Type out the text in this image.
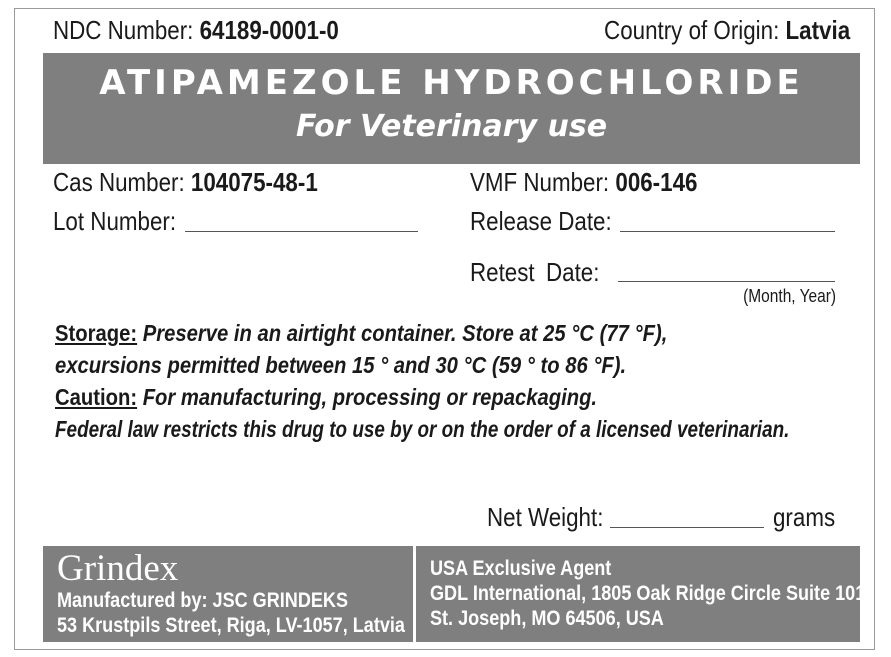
NDC Number: 64189-0001-0	Country of Origin: Latvia
ATIPAMEZOLE HYDROCHLORIDE
For Veterinary use
Cas Number: 104075-48-1	VMF Number: 006-146
Lot Number:	Release Date:
Retest Date:
(Month, Year)
Storage: Preserve in an airtight container. Store at 25 °C (77 °F),
excursions permitted between 15 ° and 30 °C (59 ° to 86 °F).
Caution: For manufacturing, processing or repackaging.
Federal law restricts this drug to use by or on the order of a licensed veterinarian.
Net Weight:	grams
Grindex
Manufactured by: JSC GRINDEKS
53 Krustpils Street, Riga, LV-1057, Latvia
USA Exclusive Agent
GDL International, 1805 Oak Ridge Circle Suite 101,
St. Joseph, MO 64506, USA
